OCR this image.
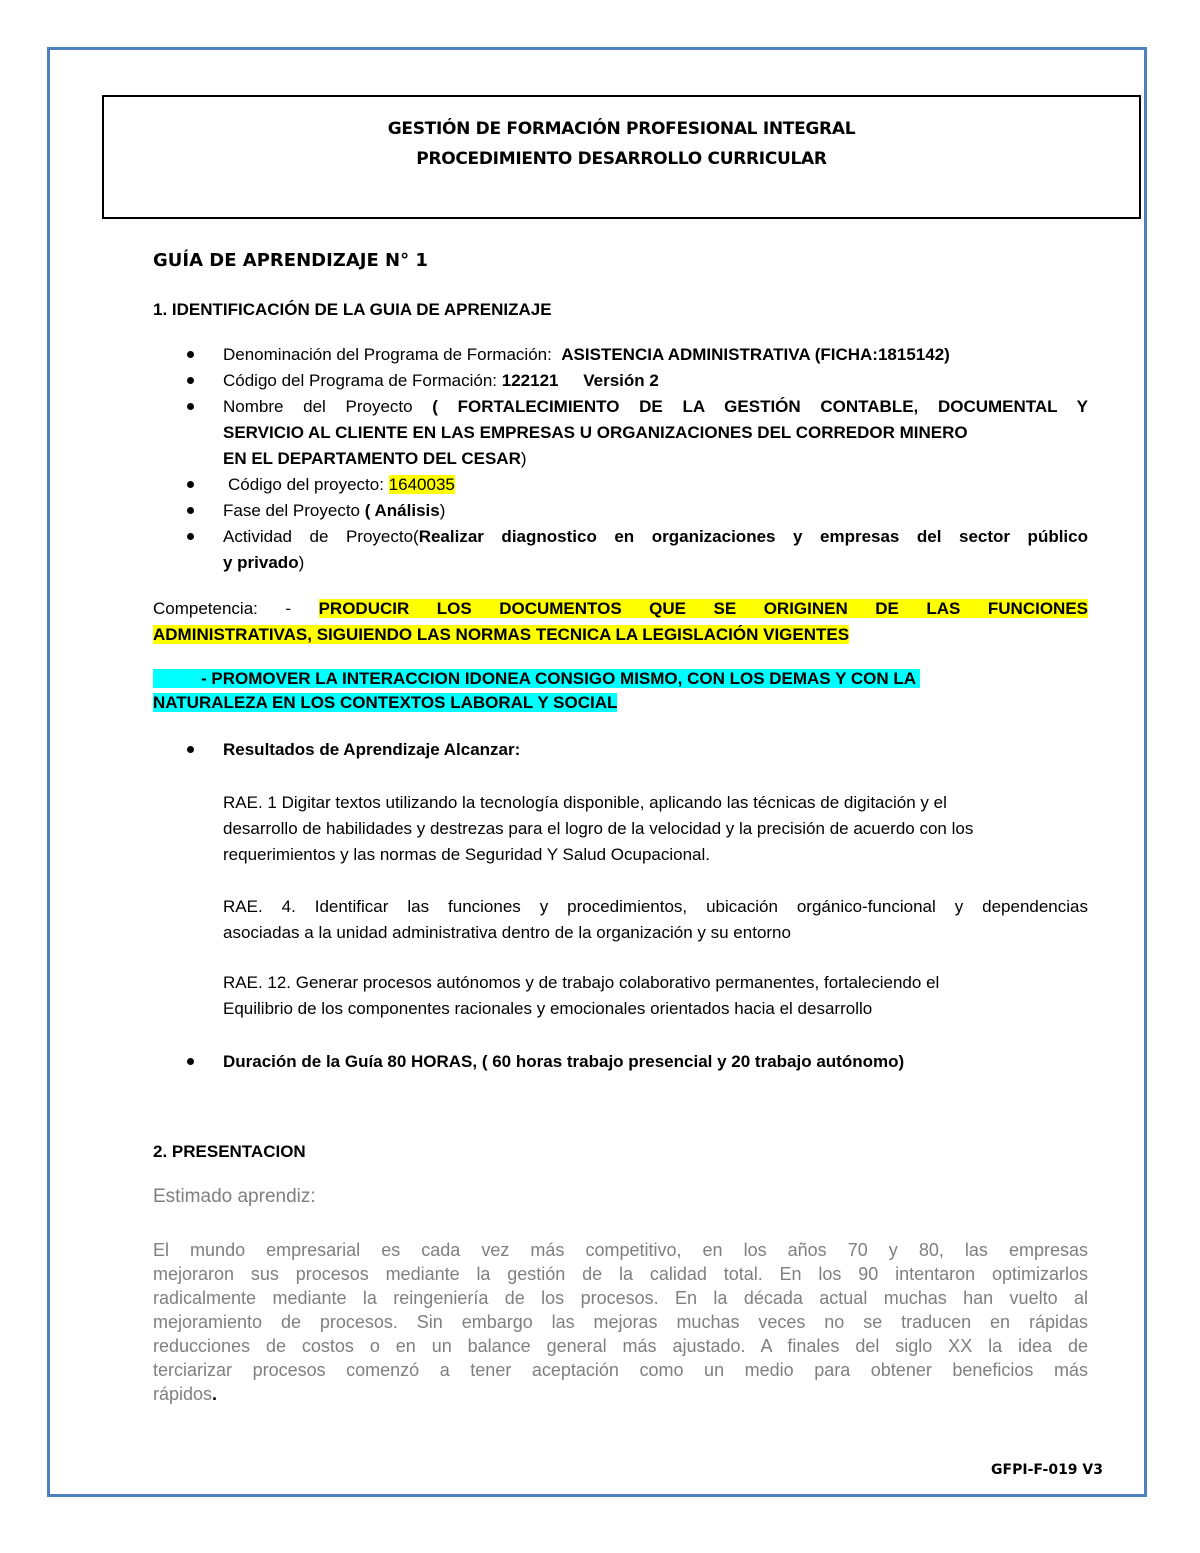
GESTIÓN DE FORMACIÓN PROFESIONAL INTEGRAL
PROCEDIMIENTO DESARROLLO CURRICULAR
GUÍA DE APRENDIZAJE N° 1
1. IDENTIFICACIÓN DE LA GUIA DE APRENIZAJE
Denominación del Programa de Formación: ASISTENCIA ADMINISTRATIVA (FICHA:1815142)
Código del Programa de Formación: 122121 Versión 2
Nombre del Proyecto ( FORTALECIMIENTO DE LA GESTIÓN CONTABLE, DOCUMENTAL Y
SERVICIO AL CLIENTE EN LAS EMPRESAS U ORGANIZACIONES DEL CORREDOR MINERO
EN EL DEPARTAMENTO DEL CESAR)
Código del proyecto: 1640035
Fase del Proyecto ( Análisis)
Actividad de Proyecto(Realizar diagnostico en organizaciones y empresas del sector público
y privado)
Competencia: - PRODUCIR LOS DOCUMENTOS QUE SE ORIGINEN DE LAS FUNCIONES
ADMINISTRATIVAS, SIGUIENDO LAS NORMAS TECNICA LA LEGISLACIÓN VIGENTES
- PROMOVER LA INTERACCION IDONEA CONSIGO MISMO, CON LOS DEMAS Y CON LA
NATURALEZA EN LOS CONTEXTOS LABORAL Y SOCIAL
Resultados de Aprendizaje Alcanzar:
RAE. 1 Digitar textos utilizando la tecnología disponible, aplicando las técnicas de digitación y el
desarrollo de habilidades y destrezas para el logro de la velocidad y la precisión de acuerdo con los
requerimientos y las normas de Seguridad Y Salud Ocupacional.
RAE. 4. Identificar las funciones y procedimientos, ubicación orgánico-funcional y dependencias
asociadas a la unidad administrativa dentro de la organización y su entorno
RAE. 12. Generar procesos autónomos y de trabajo colaborativo permanentes, fortaleciendo el
Equilibrio de los componentes racionales y emocionales orientados hacia el desarrollo
Duración de la Guía 80 HORAS, ( 60 horas trabajo presencial y 20 trabajo autónomo)
2. PRESENTACION
Estimado aprendiz:
El mundo empresarial es cada vez más competitivo, en los años 70 y 80, las empresas
mejoraron sus procesos mediante la gestión de la calidad total. En los 90 intentaron optimizarlos
radicalmente mediante la reingeniería de los procesos. En la década actual muchas han vuelto al
mejoramiento de procesos. Sin embargo las mejoras muchas veces no se traducen en rápidas
reducciones de costos o en un balance general más ajustado. A finales del siglo XX la idea de
terciarizar procesos comenzó a tener aceptación como un medio para obtener beneficios más
rápidos.
GFPI-F-019 V3
